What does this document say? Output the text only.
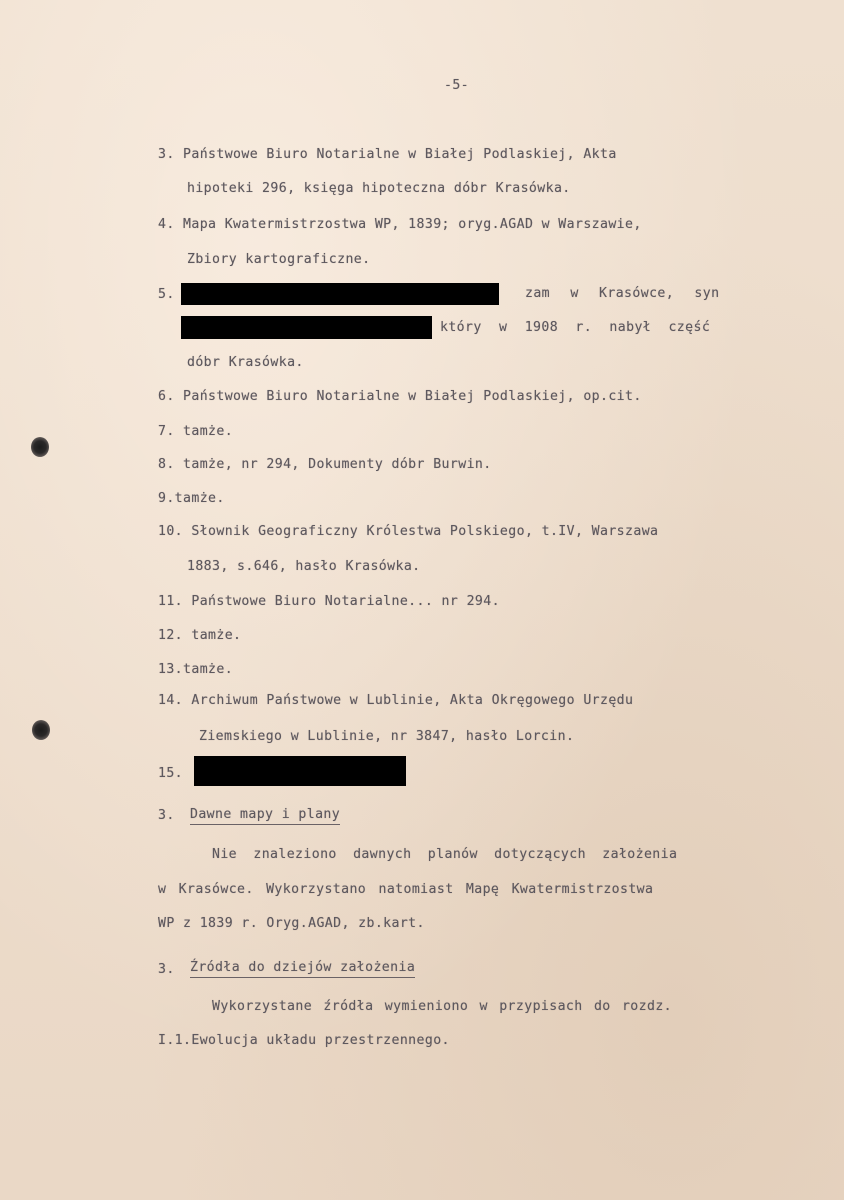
-5-
3. Państwowe Biuro Notarialne w Białej Podlaskiej, Akta
hipoteki 296, księga hipoteczna dóbr Krasówka.
4. Mapa Kwatermistrzostwa WP, 1839; oryg.AGAD w Warszawie,
Zbiory kartograficzne.
5.	zam w Krasówce, syn
który w 1908 r. nabył część
dóbr Krasówka.
6. Państwowe Biuro Notarialne w Białej Podlaskiej, op.cit.
7. tamże.
8. tamże, nr 294, Dokumenty dóbr Burwin.
9.tamże.
10. Słownik Geograficzny Królestwa Polskiego, t.IV, Warszawa
1883, s.646, hasło Krasówka.
11. Państwowe Biuro Notarialne... nr 294.
12. tamże.
13.tamże.
14. Archiwum Państwowe w Lublinie, Akta Okręgowego Urzędu
Ziemskiego w Lublinie, nr 3847, hasło Lorcin.
15.
3. Dawne mapy i plany
Nie znaleziono dawnych planów dotyczących założenia
w Krasówce. Wykorzystano natomiast Mapę Kwatermistrzostwa
WP z 1839 r. Oryg.AGAD, zb.kart.
3. Źródła do dziejów założenia
Wykorzystane źródła wymieniono w przypisach do rozdz.
I.1.Ewolucja układu przestrzennego.
